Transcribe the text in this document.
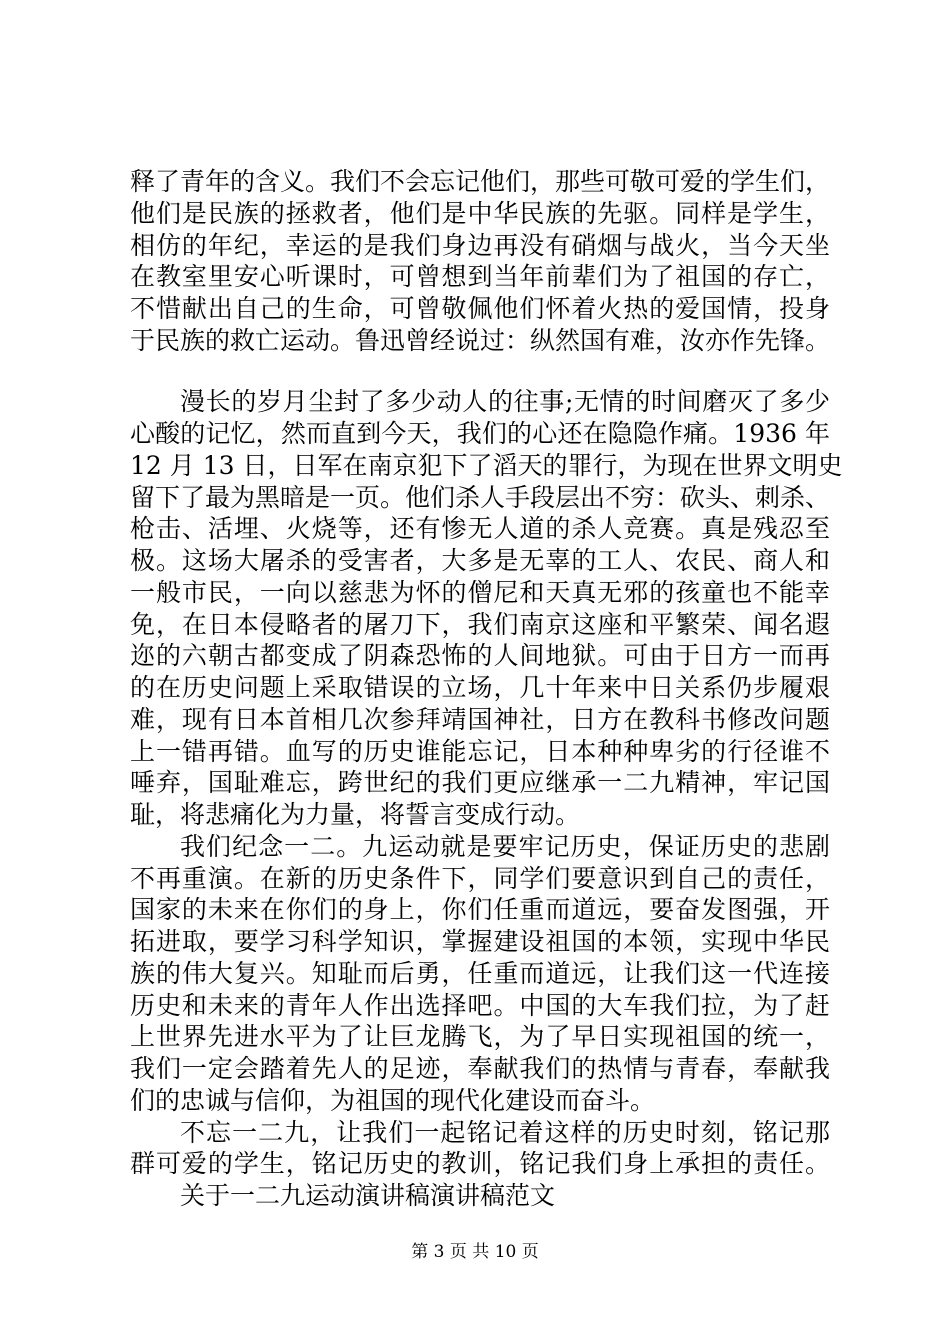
释了青年的含义。我们不会忘记他们，那些可敬可爱的学生们，
他们是民族的拯救者，他们是中华民族的先驱。同样是学生，
相仿的年纪，幸运的是我们身边再没有硝烟与战火，当今天坐
在教室里安心听课时，可曾想到当年前辈们为了祖国的存亡，
不惜献出自己的生命，可曾敬佩他们怀着火热的爱国情，投身
于民族的救亡运动。鲁迅曾经说过：纵然国有难，汝亦作先锋。
漫长的岁月尘封了多少动人的往事;无情的时间磨灭了多少
心酸的记忆，然而直到今天，我们的心还在隐隐作痛。1936 年
12 月 13 日，日军在南京犯下了滔天的罪行，为现在世界文明史
留下了最为黑暗是一页。他们杀人手段层出不穷：砍头、刺杀、
枪击、活埋、火烧等，还有惨无人道的杀人竞赛。真是残忍至
极。这场大屠杀的受害者，大多是无辜的工人、农民、商人和
一般市民，一向以慈悲为怀的僧尼和天真无邪的孩童也不能幸
免，在日本侵略者的屠刀下，我们南京这座和平繁荣、闻名遐
迩的六朝古都变成了阴森恐怖的人间地狱。可由于日方一而再
的在历史问题上采取错误的立场，几十年来中日关系仍步履艰
难，现有日本首相几次参拜靖国神社，日方在教科书修改问题
上一错再错。血写的历史谁能忘记，日本种种卑劣的行径谁不
唾弃，国耻难忘，跨世纪的我们更应继承一二九精神，牢记国
耻，将悲痛化为力量，将誓言变成行动。
我们纪念一二。九运动就是要牢记历史，保证历史的悲剧
不再重演。在新的历史条件下，同学们要意识到自己的责任，
国家的未来在你们的身上，你们任重而道远，要奋发图强，开
拓进取，要学习科学知识，掌握建设祖国的本领，实现中华民
族的伟大复兴。知耻而后勇，任重而道远，让我们这一代连接
历史和未来的青年人作出选择吧。中国的大车我们拉，为了赶
上世界先进水平为了让巨龙腾飞，为了早日实现祖国的统一，
我们一定会踏着先人的足迹，奉献我们的热情与青春，奉献我
们的忠诚与信仰，为祖国的现代化建设而奋斗。
不忘一二九，让我们一起铭记着这样的历史时刻，铭记那
群可爱的学生，铭记历史的教训，铭记我们身上承担的责任。
关于一二九运动演讲稿演讲稿范文
第 3 页 共 10 页
